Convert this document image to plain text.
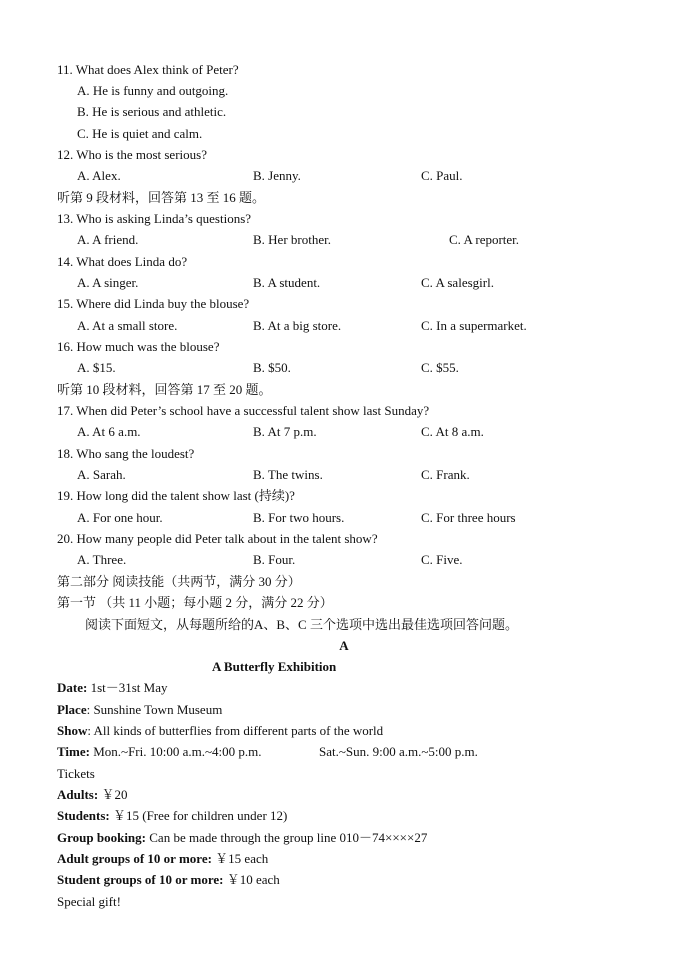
11. What does Alex think of Peter?
A. He is funny and outgoing.
B. He is serious and athletic.
C. He is quiet and calm.
12. Who is the most serious?
A. Alex.	B. Jenny.	C. Paul.
听第 9 段材料，回答第 13 至 16 题。
13. Who is asking Linda’s questions?
A. A friend.	B. Her brother.	C. A reporter.
14. What does Linda do?
A. A singer.	B. A student.	C. A salesgirl.
15. Where did Linda buy the blouse?
A. At a small store.	B. At a big store.	C. In a supermarket.
16. How much was the blouse?
A. $15.	B. $50.	C. $55.
听第 10 段材料，回答第 17 至 20 题。
17. When did Peter’s school have a successful talent show last Sunday?
A. At 6 a.m.	B. At 7 p.m.	C. At 8 a.m.
18. Who sang the loudest?
A. Sarah.	B. The twins.	C. Frank.
19. How long did the talent show last (持续)?
A. For one hour.	B. For two hours.	C. For three hours
20. How many people did Peter talk about in the talent show?
A. Three.	B. Four.	C. Five.
第二部分 阅读技能（共两节，满分 30 分）
第一节 （共 11 小题；每小题 2 分，满分 22 分）
阅读下面短文，从每题所给的A、B、C 三个选项中选出最佳选项回答问题。
A
A Butterfly Exhibition
Date: 1st－31st May
Place: Sunshine Town Museum
Show: All kinds of butterflies from different parts of the world
Time: Mon.~Fri. 10:00 a.m.~4:00 p.m.	Sat.~Sun. 9:00 a.m.~5:00 p.m.
Tickets
Adults: ￥20
Students: ￥15 (Free for children under 12)
Group booking: Can be made through the group line 010－74××××27
Adult groups of 10 or more: ￥15 each
Student groups of 10 or more: ￥10 each
Special gift!
